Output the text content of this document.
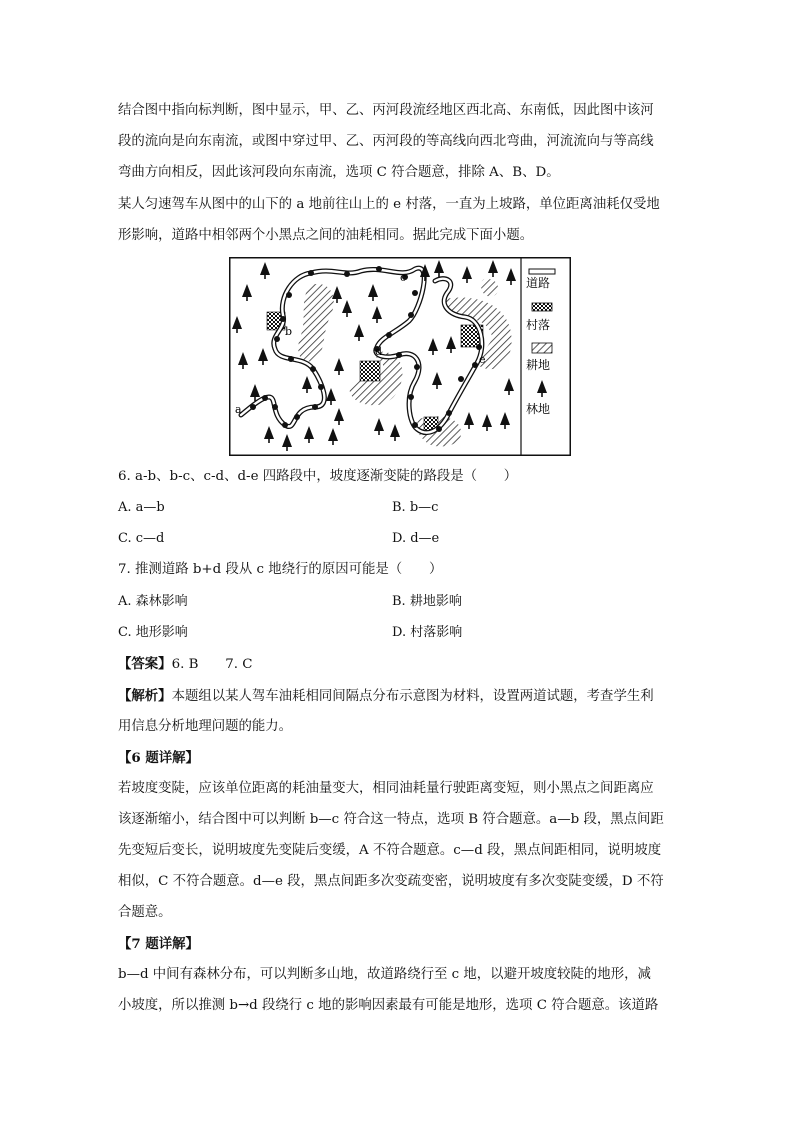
结合图中指向标判断，图中显示，甲、乙、丙河段流经地区西北高、东南低，因此图中该河
段的流向是向东南流，或图中穿过甲、乙、丙河段的等高线向西北弯曲，河流流向与等高线
弯曲方向相反，因此该河段向东南流，选项 C 符合题意，排除 A、B、D。
某人匀速驾车从图中的山下的 a 地前往山上的 e 村落，一直为上坡路，单位距离油耗仅受地
形影响，道路中相邻两个小黑点之间的油耗相同。据此完成下面小题。
a
b
c
d
e
道路
村落
耕地
林地
6. a-b、b-c、c-d、d-e 四路段中，坡度逐渐变陡的路段是（　　）
A. a—b	B. b—c
C. c—d	D. d—e
7. 推测道路 b+d 段从 c 地绕行的原因可能是（　　）
A. 森林影响	B. 耕地影响
C. 地形影响	D. 村落影响
【答案】6. B　　7. C
【解析】本题组以某人驾车油耗相同间隔点分布示意图为材料，设置两道试题，考查学生利
用信息分析地理问题的能力。
【6 题详解】
若坡度变陡，应该单位距离的耗油量变大，相同油耗量行驶距离变短，则小黑点之间距离应
该逐渐缩小，结合图中可以判断 b—c 符合这一特点，选项 B 符合题意。a—b 段，黑点间距
先变短后变长，说明坡度先变陡后变缓，A 不符合题意。c—d 段，黑点间距相同，说明坡度
相似，C 不符合题意。d—e 段，黑点间距多次变疏变密，说明坡度有多次变陡变缓，D 不符
合题意。
【7 题详解】
b—d 中间有森林分布，可以判断多山地，故道路绕行至 c 地，以避开坡度较陡的地形，减
小坡度，所以推测 b→d 段绕行 c 地的影响因素最有可能是地形，选项 C 符合题意。该道路
